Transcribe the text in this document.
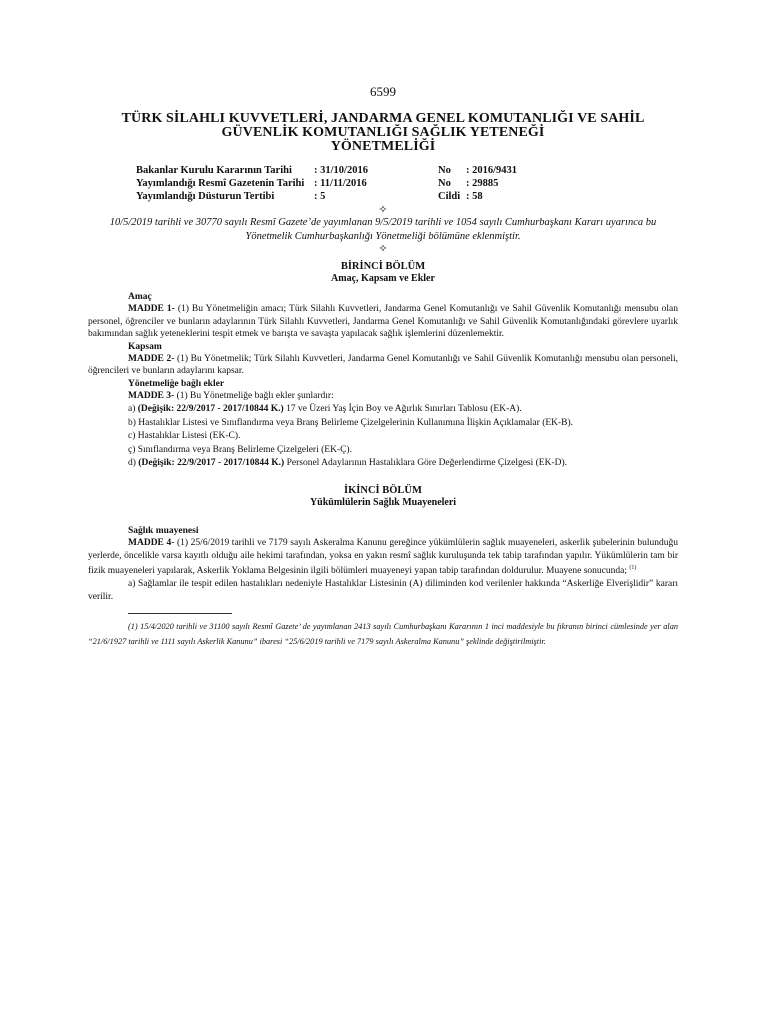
6599
TÜRK SİLAHLI KUVVETLERİ, JANDARMA GENEL KOMUTANLIĞI VE SAHİL
GÜVENLİK KOMUTANLIĞI SAĞLIK YETENEĞİ
YÖNETMELİĞİ
Bakanlar Kurulu Kararının Tarihi	: 31/10/2016	No	: 2016/9431
Yayımlandığı Resmî Gazetenin Tarihi : 11/11/2016	No	: 29885
Yayımlandığı Düsturun Tertibi	: 5	Cildi : 58
✧
10/5/2019 tarihli ve 30770 sayılı Resmî Gazete’de yayımlanan 9/5/2019 tarihli ve 1054 sayılı Cumhurbaşkanı Kararı uyarınca bu Yönetmelik Cumhurbaşkanlığı Yönetmeliği bölümüne eklenmiştir.
✧
BİRİNCİ BÖLÜM
Amaç, Kapsam ve Ekler
Amaç
MADDE 1- (1) Bu Yönetmeliğin amacı; Türk Silahlı Kuvvetleri, Jandarma Genel Komutanlığı ve Sahil Güvenlik Komutanlığı mensubu olan personel, öğrenciler ve bunların adaylarının Türk Silahlı Kuvvetleri, Jandarma Genel Komutanlığı ve Sahil Güvenlik Komutanlığındaki görevlere uyarlık bakımından sağlık yeteneklerini tespit etmek ve barışta ve savaşta yapılacak sağlık işlemlerini düzenlemektir.
Kapsam
MADDE 2- (1) Bu Yönetmelik; Türk Silahlı Kuvvetleri, Jandarma Genel Komutanlığı ve Sahil Güvenlik Komutanlığı mensubu olan personeli, öğrencileri ve bunların adaylarını kapsar.
Yönetmeliğe bağlı ekler
MADDE 3- (1) Bu Yönetmeliğe bağlı ekler şunlardır:
a) (Değişik: 22/9/2017 - 2017/10844 K.) 17 ve Üzeri Yaş İçin Boy ve Ağırlık Sınırları Tablosu (EK-A).
b) Hastalıklar Listesi ve Sınıflandırma veya Branş Belirleme Çizelgelerinin Kullanımına İlişkin Açıklamalar (EK-B).
c) Hastalıklar Listesi (EK-C).
ç) Sınıflandırma veya Branş Belirleme Çizelgeleri (EK-Ç).
d) (Değişik: 22/9/2017 - 2017/10844 K.) Personel Adaylarının Hastalıklara Göre Değerlendirme Çizelgesi (EK-D).
İKİNCİ BÖLÜM
Yükümlülerin Sağlık Muayeneleri
Sağlık muayenesi
MADDE 4- (1) 25/6/2019 tarihli ve 7179 sayılı Askeralma Kanunu gereğince yükümlülerin sağlık muayeneleri, askerlik şubelerinin bulunduğu yerlerde, öncelikle varsa kayıtlı olduğu aile hekimi tarafından, yoksa en yakın resmî sağlık kuruluşunda tek tabip tarafından yapılır. Yükümlülerin tam bir fizik muayeneleri yapılarak, Askerlik Yoklama Belgesinin ilgili bölümleri muayeneyi yapan tabip tarafından doldurulur. Muayene sonucunda; $^{(1)}$
a) Sağlamlar ile tespit edilen hastalıkları nedeniyle Hastalıklar Listesinin (A) diliminden kod verilenler hakkında “Askerliğe Elverişlidir” kararı verilir.
(1) 15/4/2020 tarihli ve 31100 sayılı Resmî Gazete’ de yayımlanan 2413 sayılı Cumhurbaşkanı Kararının 1 inci maddesiyle bu fıkranın birinci cümlesinde yer alan “21/6/1927 tarihli ve 1111 sayılı Askerlik Kanunu” ibaresi “25/6/2019 tarihli ve 7179 sayılı Askeralma Kanunu” şeklinde değiştirilmiştir.
